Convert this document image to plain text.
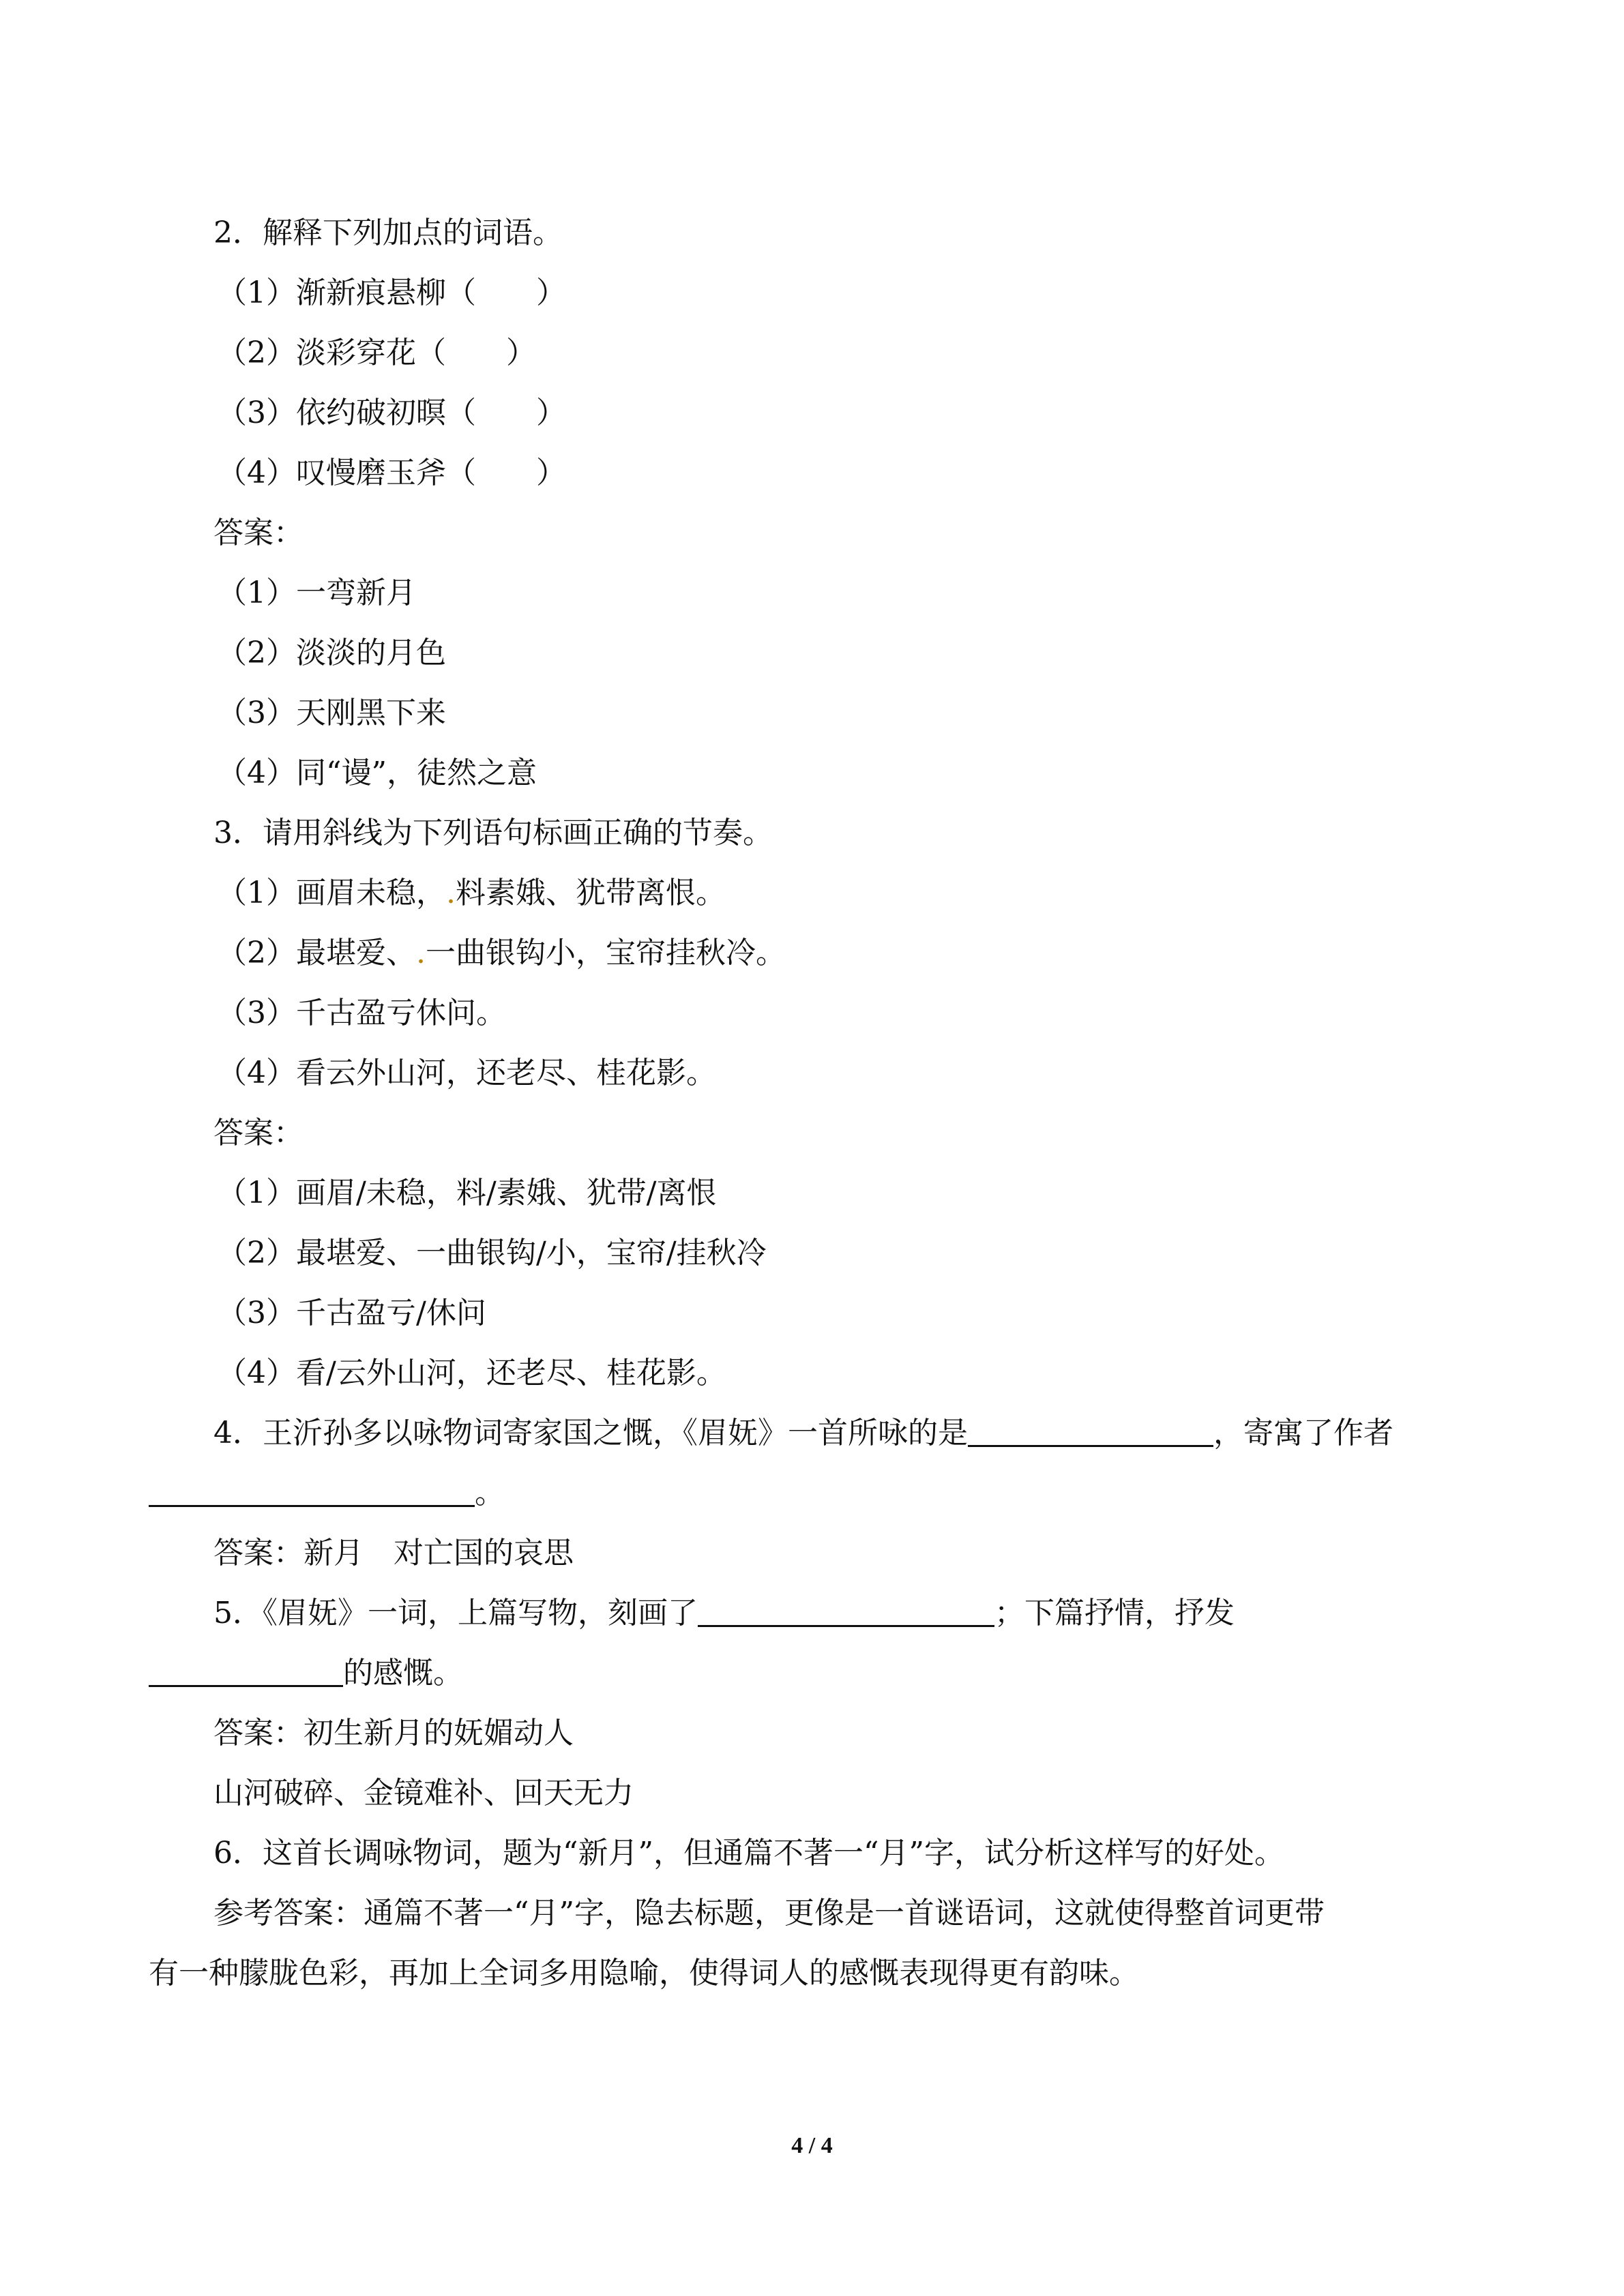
2．解释下列加点的词语。
（1）渐新痕悬柳（　　）
（2）淡彩穿花（　　）
（3）依约破初暝（　　）
（4）叹慢磨玉斧（　　）
答案：
（1）一弯新月
（2）淡淡的月色
（3）天刚黑下来
（4）同“谩”，徒然之意
3．请用斜线为下列语句标画正确的节奏。
（1）画眉未稳，.料素娥、犹带离恨。
（2）最堪爱、.一曲银钩小，宝帘挂秋冷。
（3）千古盈亏休问。
（4）看云外山河，还老尽、桂花影。
答案：
（1）画眉/未稳，料/素娥、犹带/离恨
（2）最堪爱、一曲银钩/小，宝帘/挂秋冷
（3）千古盈亏/休问
（4）看/云外山河，还老尽、桂花影。
4．王沂孙多以咏物词寄家国之慨，《眉妩》一首所咏的是	，寄寓了作者
。
答案：新月　对亡国的哀思
5．《眉妩》一词，上篇写物，刻画了	；下篇抒情，抒发
的感慨。
答案：初生新月的妩媚动人
山河破碎、金镜难补、回天无力
6．这首长调咏物词，题为“新月”，但通篇不著一“月”字，试分析这样写的好处。
参考答案：通篇不著一“月”字，隐去标题，更像是一首谜语词，这就使得整首词更带
有一种朦胧色彩，再加上全词多用隐喻，使得词人的感慨表现得更有韵味。
4 / 4
